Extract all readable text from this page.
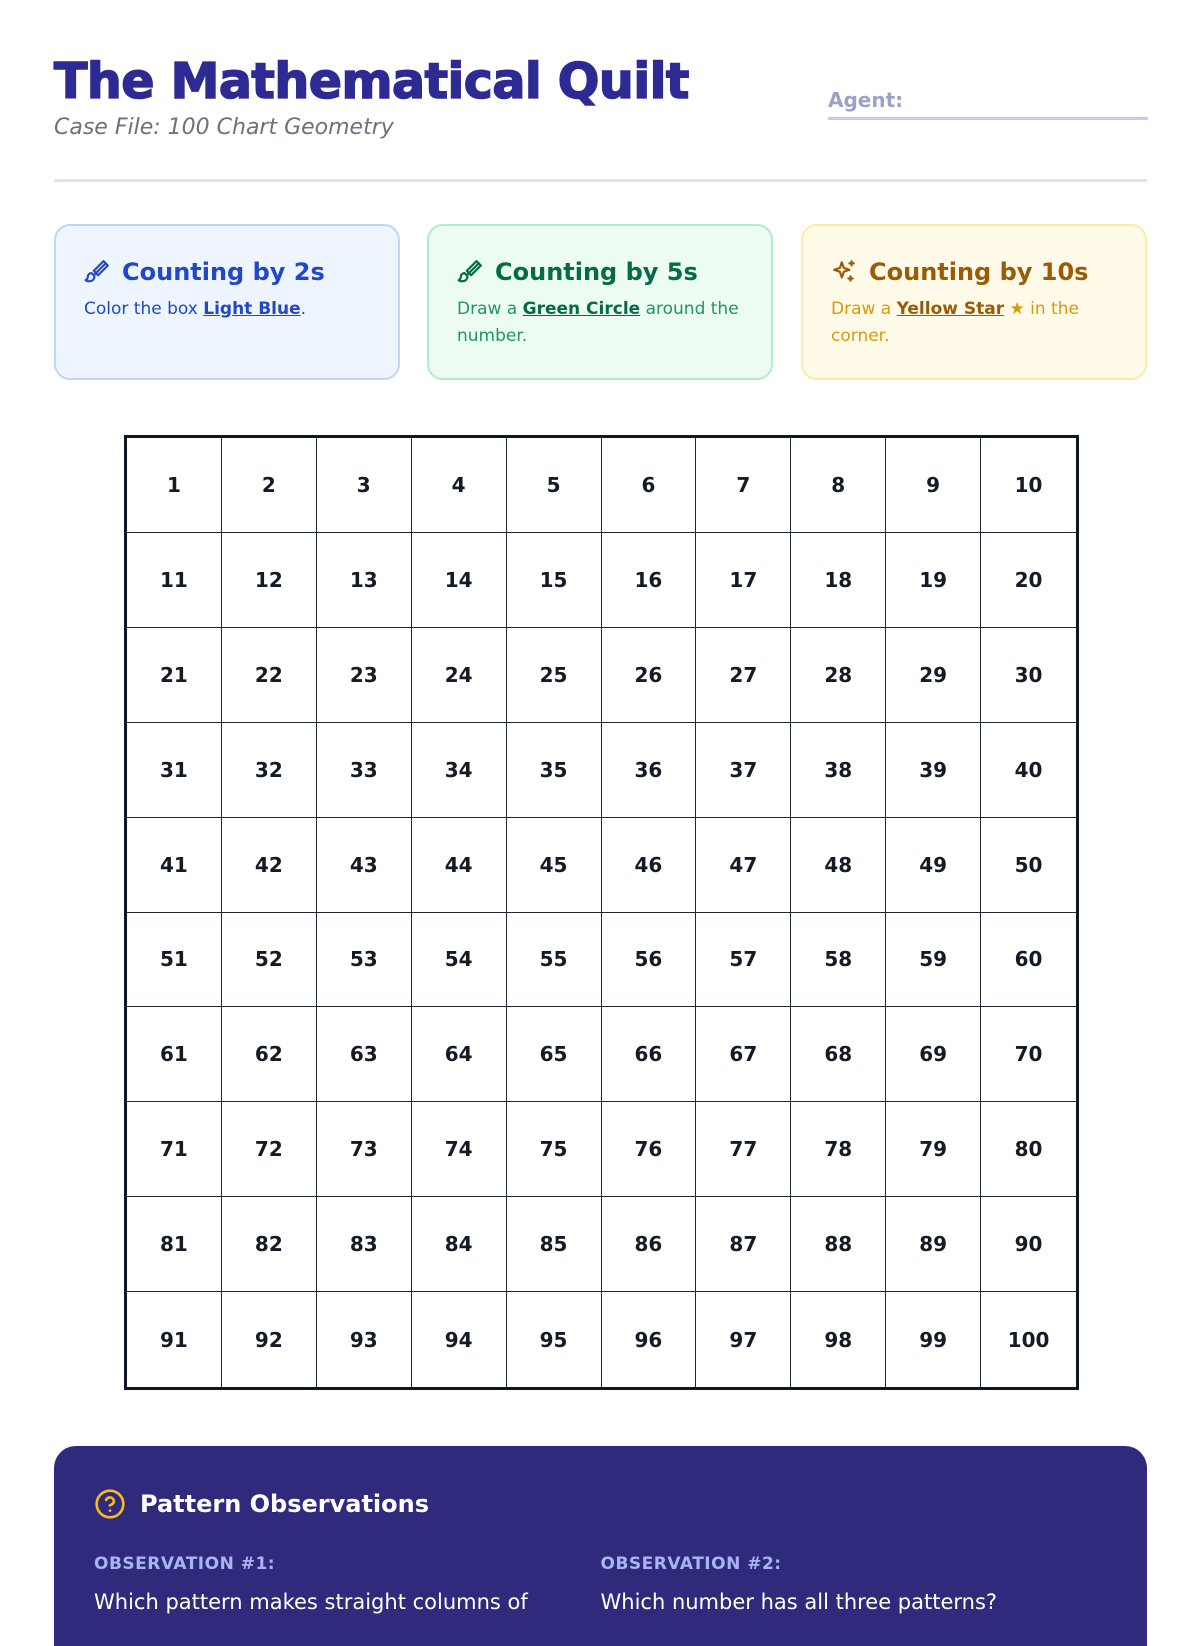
The Mathematical Quilt
Case File: 100 Chart Geometry
Agent:
Counting by 2s
Color the box Light Blue.
Counting by 5s
Draw a Green Circle around the number.
Counting by 10s
Draw a Yellow Star ★ in the corner.
1	2	3	4	5	6	7	8	9	10
11	12	13	14	15	16	17	18	19	20
21	22	23	24	25	26	27	28	29	30
31	32	33	34	35	36	37	38	39	40
41	42	43	44	45	46	47	48	49	50
51	52	53	54	55	56	57	58	59	60
61	62	63	64	65	66	67	68	69	70
71	72	73	74	75	76	77	78	79	80
81	82	83	84	85	86	87	88	89	90
91	92	93	94	95	96	97	98	99	100
Pattern Observations
OBSERVATION #1:
Which pattern makes straight columns of
OBSERVATION #2:
Which number has all three patterns?
